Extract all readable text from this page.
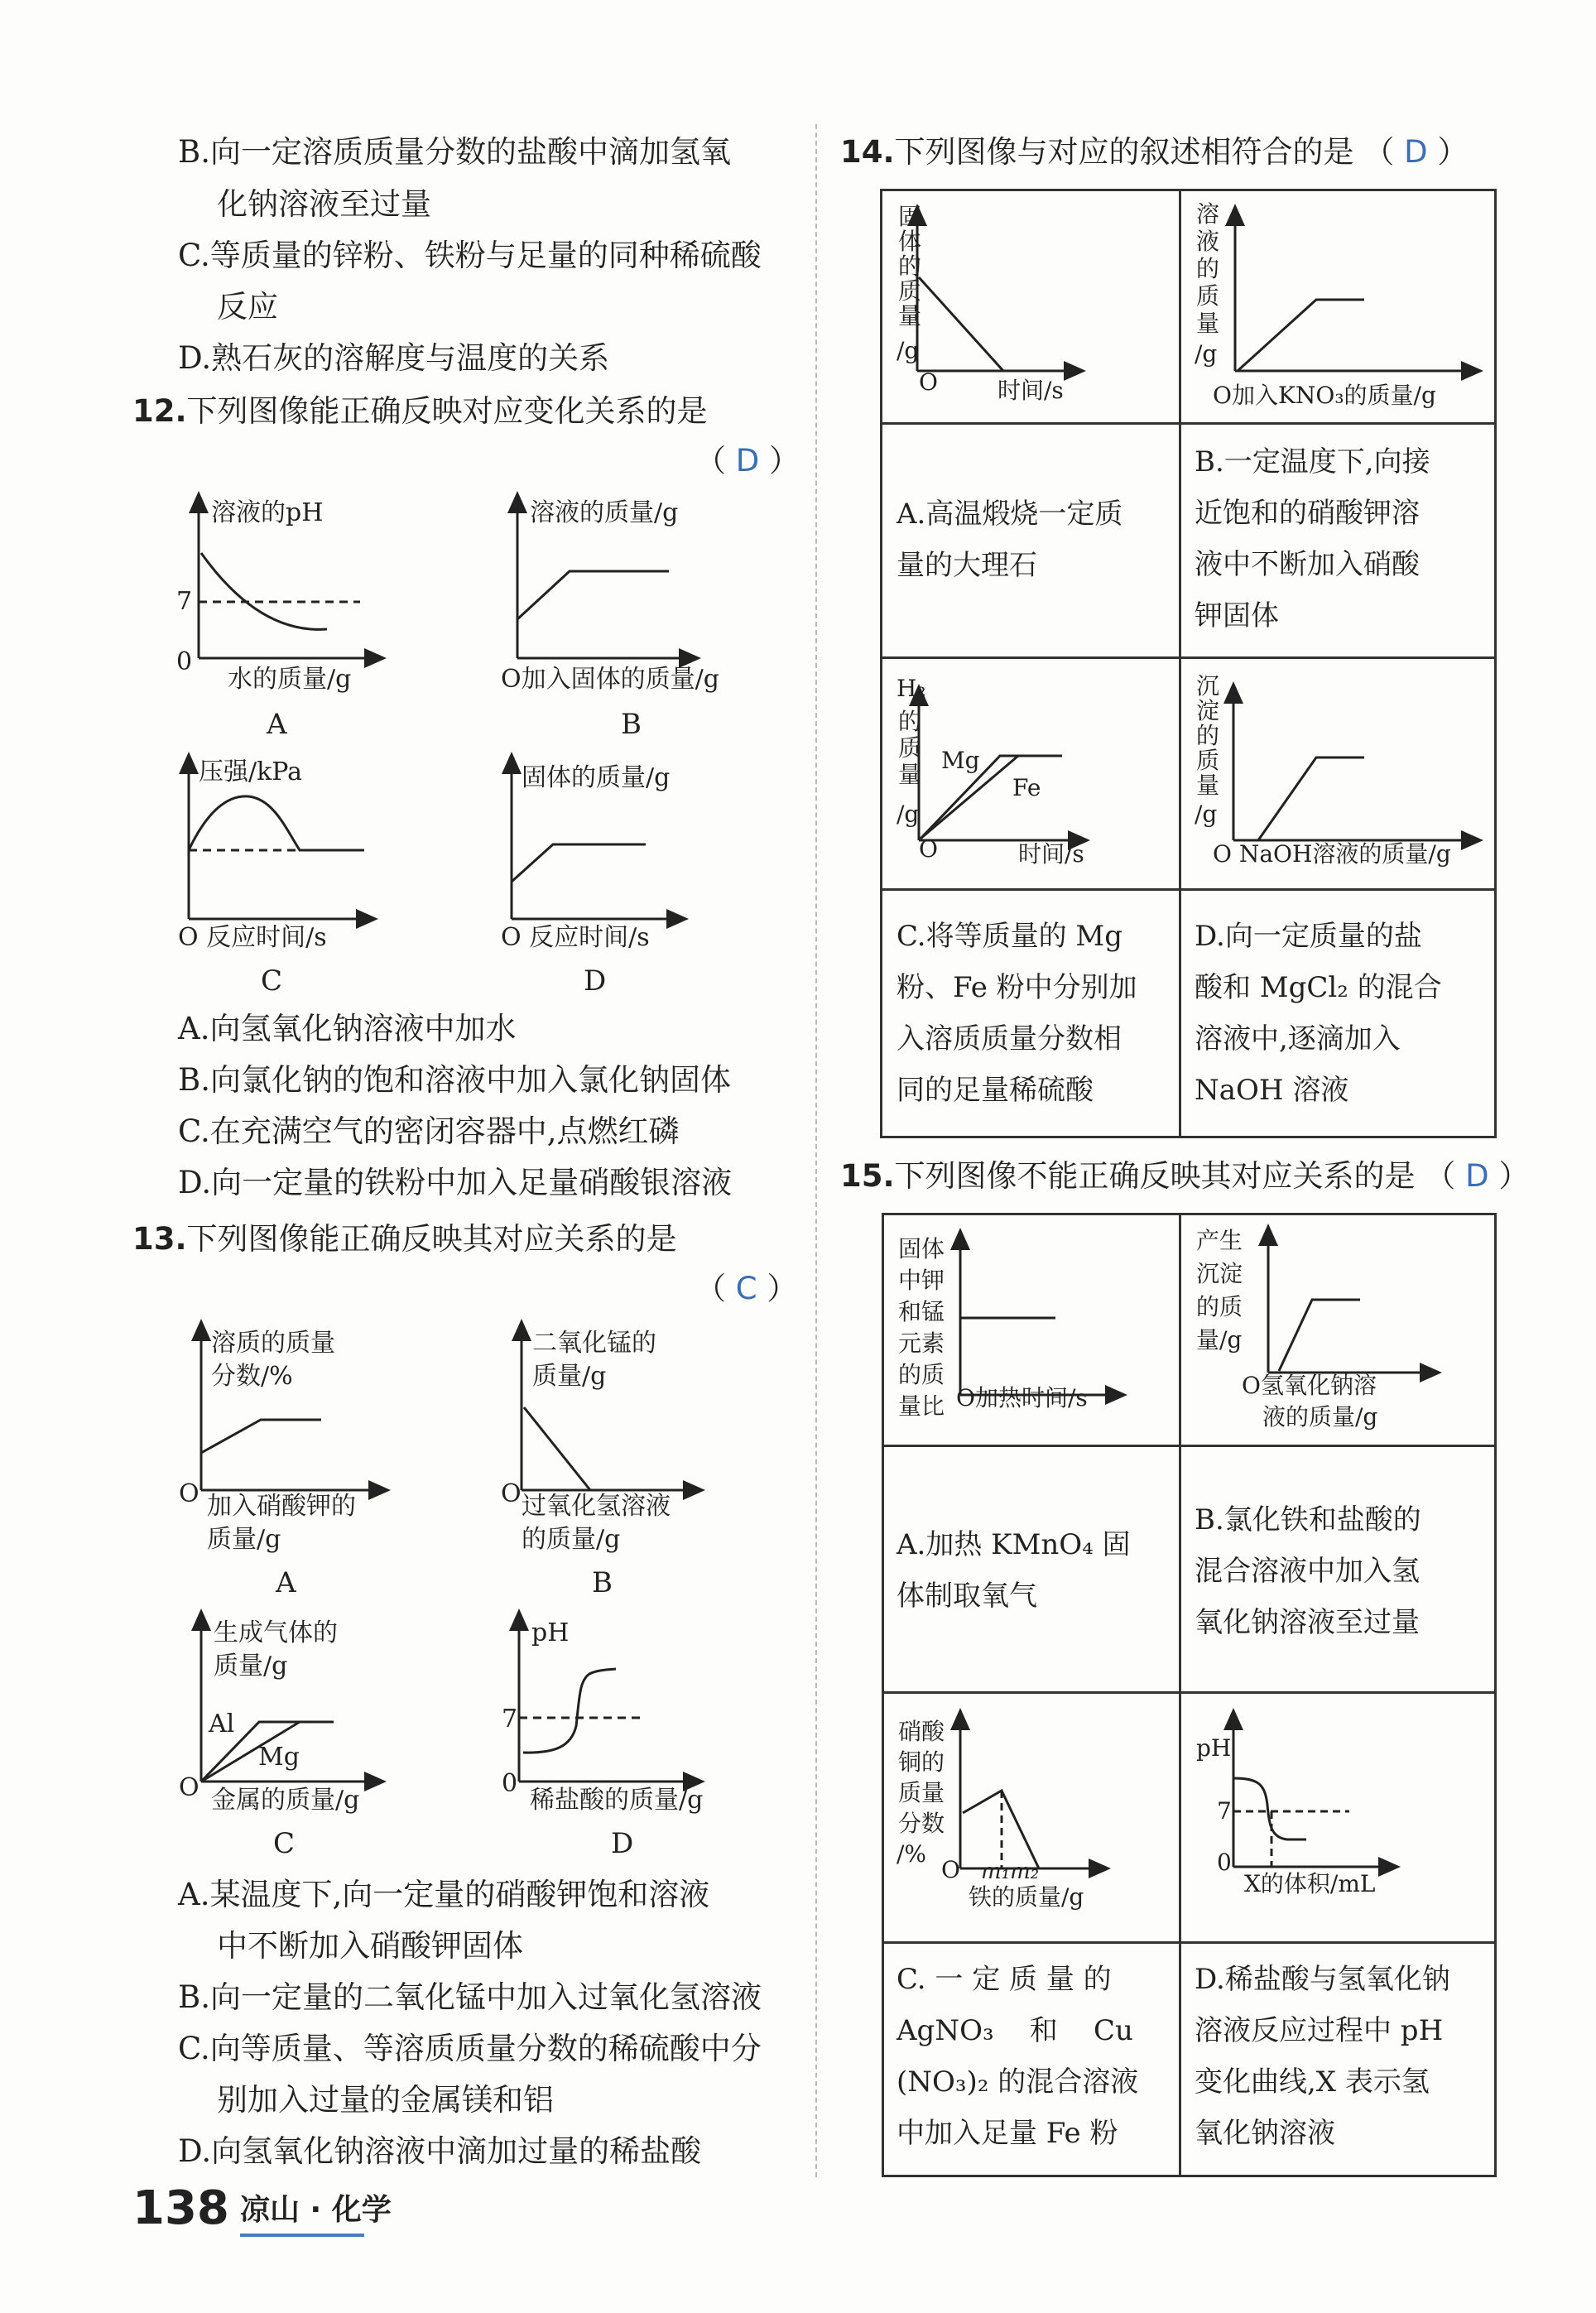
B.向一定溶质质量分数的盐酸中滴加氢氧
化钠溶液至过量
C.等质量的锌粉、铁粉与足量的同种稀硫酸
反应
D.熟石灰的溶解度与温度的关系
12.下列图像能正确反映对应变化关系的是
（ D ）
溶液的pH
7
0
水的质量/g
A
溶液的质量/g
O加入固体的质量/g
B
压强/kPa
O 反应时间/s
C
固体的质量/g
O 反应时间/s
D
A.向氢氧化钠溶液中加水
B.向氯化钠的饱和溶液中加入氯化钠固体
C.在充满空气的密闭容器中,点燃红磷
D.向一定量的铁粉中加入足量硝酸银溶液
13.下列图像能正确反映其对应关系的是
（ C ）
溶质的质量
分数/%
O 加入硝酸钾的
质量/g
A
二氧化锰的
质量/g
O 过氧化氢溶液
的质量/g
B
生成气体的
质量/g
Al
Mg
O 金属的质量/g
C
pH
7
0
稀盐酸的质量/g
D
A.某温度下,向一定量的硝酸钾饱和溶液
中不断加入硝酸钾固体
B.向一定量的二氧化锰中加入过氧化氢溶液
C.向等质量、等溶质质量分数的稀硫酸中分
别加入过量的金属镁和铝
D.向氢氧化钠溶液中滴加过量的稀盐酸
138 凉山 · 化学
14.下列图像与对应的叙述相符合的是 （ D ）
15.下列图像不能正确反映其对应关系的是 （ D ）
固
体
的
质
量
/g
O	时间/s
A.高温煅烧一定质
量的大理石
溶
液
的
质
量
/g
O加入KNO₃的质量/g
B.一定温度下,向接
近饱和的硝酸钾溶
液中不断加入硝酸
钾固体
H₂
的
质
量
/g
Mg
Fe
O	时间/s
C.将等质量的 Mg
粉、Fe 粉中分别加
入溶质质量分数相
同的足量稀硫酸
沉
淀
的
质
量
/g
O NaOH溶液的质量/g
D.向一定质量的盐
酸和 MgCl₂ 的混合
溶液中,逐滴加入
NaOH 溶液
固体
中钾
和锰
元素
的质
量比 O加热时间/s
A.加热 KMnO₄ 固
体制取氧气
产生
沉淀
的质
量/g
O氢氧化钠溶
液的质量/g
B.氯化铁和盐酸的
混合溶液中加入氢
氧化钠溶液至过量
硝酸
铜的
质量
分数
/%
O m₁m₂
铁的质量/g
C. 一 定 质 量 的
AgNO₃    和    Cu
(NO₃)₂ 的混合溶液
中加入足量 Fe 粉
pH
7
0
X的体积/mL
D.稀盐酸与氢氧化钠
溶液反应过程中 pH
变化曲线,X 表示氢
氧化钠溶液
